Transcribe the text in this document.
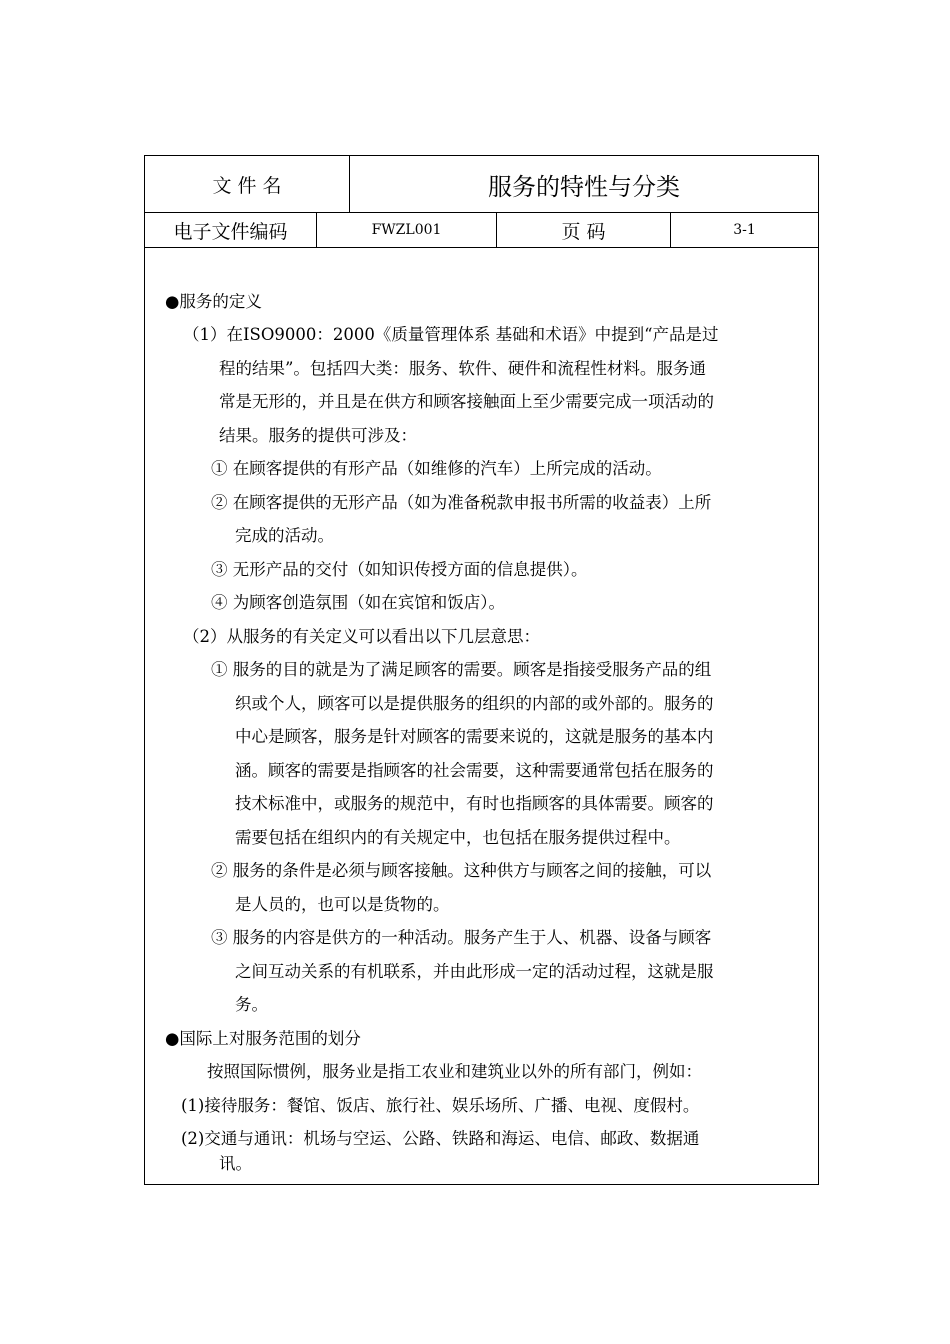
文 件 名	服务的特性与分类
电子文件编码	FWZL001	页 码	3-1
●服务的定义
（1）在ISO9000：2000《质量管理体系 基础和术语》中提到“产品是过
程的结果”。包括四大类：服务、软件、硬件和流程性材料。服务通
常是无形的，并且是在供方和顾客接触面上至少需要完成一项活动的
结果。服务的提供可涉及：
① 在顾客提供的有形产品（如维修的汽车）上所完成的活动。
② 在顾客提供的无形产品（如为准备税款申报书所需的收益表）上所
完成的活动。
③ 无形产品的交付（如知识传授方面的信息提供）。
④ 为顾客创造氛围（如在宾馆和饭店）。
（2）从服务的有关定义可以看出以下几层意思：
① 服务的目的就是为了满足顾客的需要。顾客是指接受服务产品的组
织或个人，顾客可以是提供服务的组织的内部的或外部的。服务的
中心是顾客，服务是针对顾客的需要来说的，这就是服务的基本内
涵。顾客的需要是指顾客的社会需要，这种需要通常包括在服务的
技术标准中，或服务的规范中，有时也指顾客的具体需要。顾客的
需要包括在组织内的有关规定中，也包括在服务提供过程中。
② 服务的条件是必须与顾客接触。这种供方与顾客之间的接触，可以
是人员的，也可以是货物的。
③ 服务的内容是供方的一种活动。服务产生于人、机器、设备与顾客
之间互动关系的有机联系，并由此形成一定的活动过程，这就是服
务。
●国际上对服务范围的划分
按照国际惯例，服务业是指工农业和建筑业以外的所有部门，例如：
(1)接待服务：餐馆、饭店、旅行社、娱乐场所、广播、电视、度假村。
(2)交通与通讯：机场与空运、公路、铁路和海运、电信、邮政、数据通
讯。
